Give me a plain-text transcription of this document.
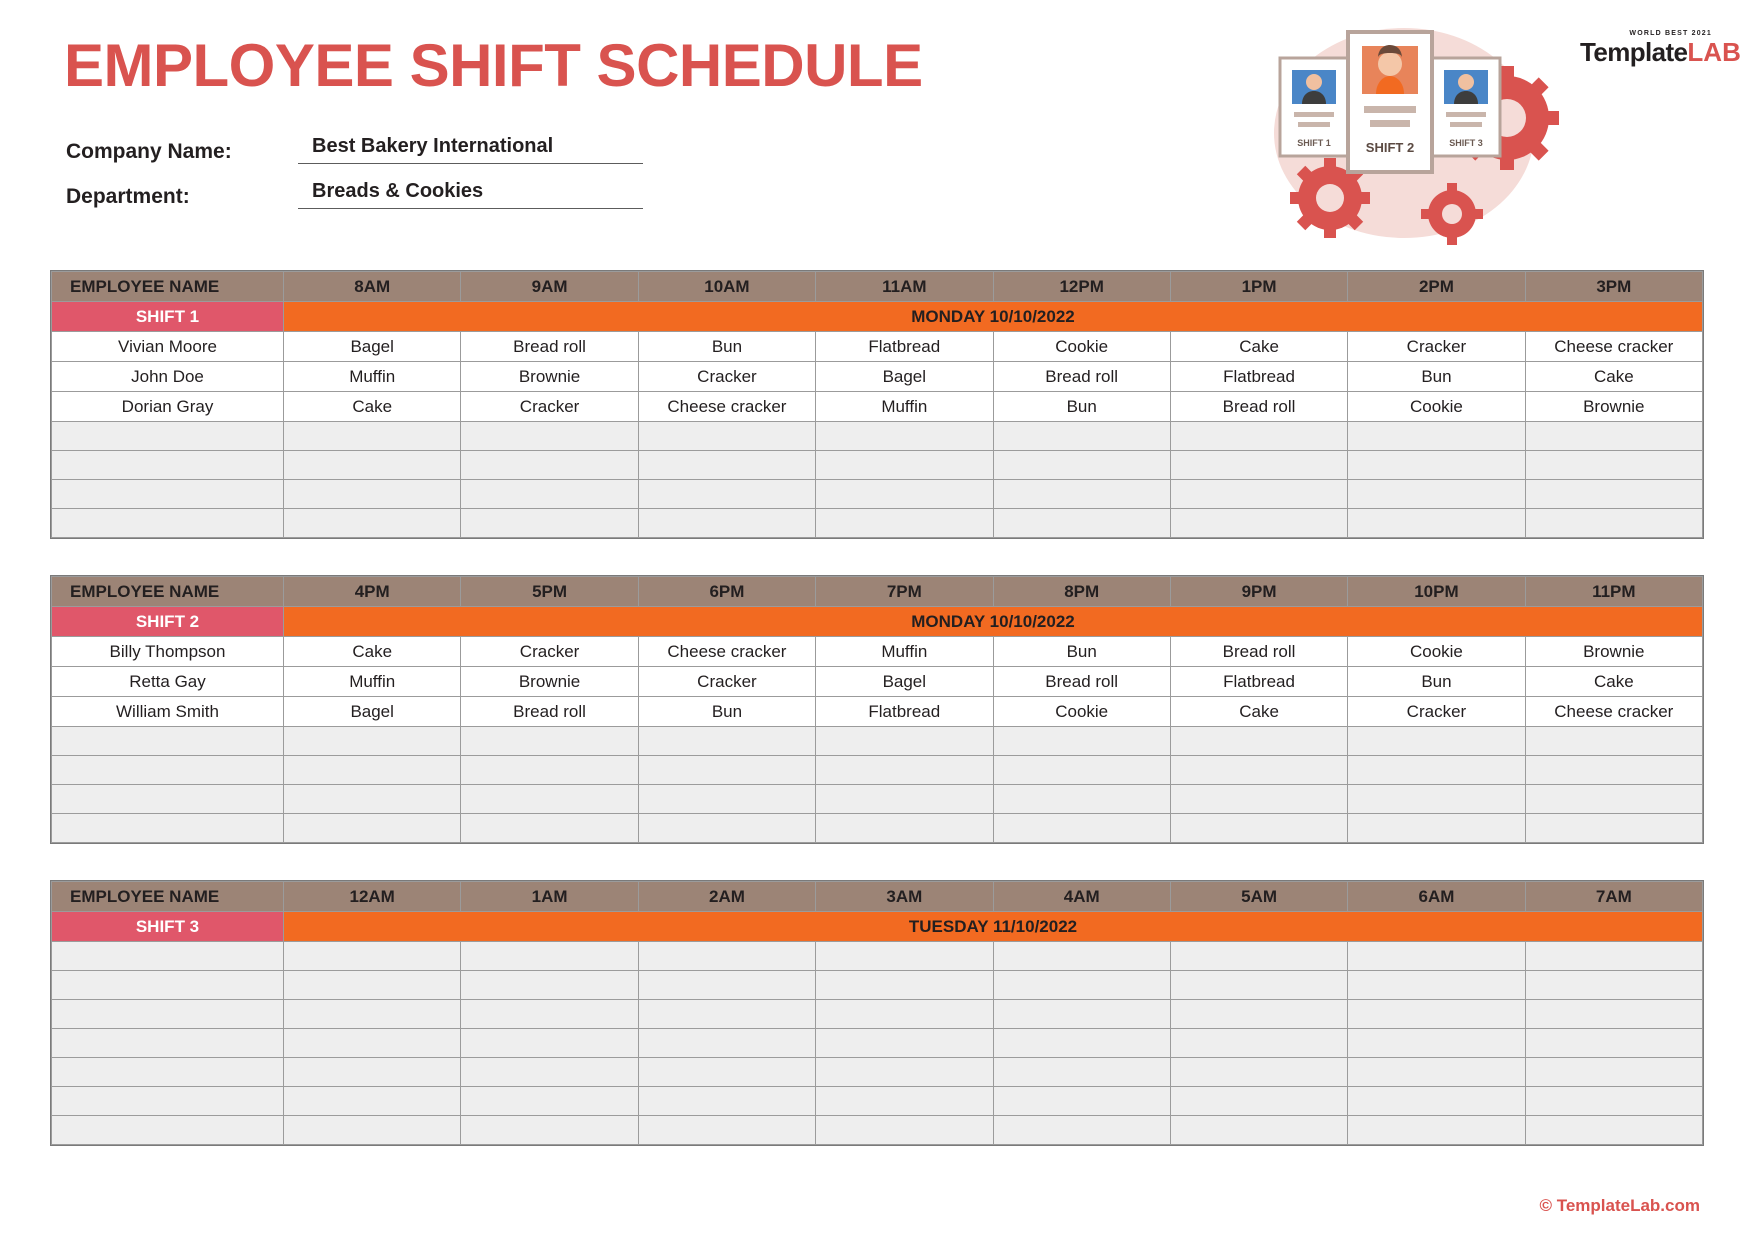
EMPLOYEE SHIFT SCHEDULE
Company Name:	Best Bakery International
Department:	Breads & Cookies
SHIFT 1	SHIFT 3
SHIFT 2
WORLD BEST 2021
TemplateLAB
EMPLOYEE NAME	8AM	9AM	10AM	11AM	12PM	1PM	2PM	3PM
SHIFT 1	MONDAY 10/10/2022							
Vivian Moore	Bagel	Bread roll	Bun	Flatbread	Cookie	Cake	Cracker	Cheese cracker
John Doe	Muffin	Brownie	Cracker	Bagel	Bread roll	Flatbread	Bun	Cake
Dorian Gray	Cake	Cracker	Cheese cracker	Muffin	Bun	Bread roll	Cookie	Brownie

EMPLOYEE NAME	4PM	5PM	6PM	7PM	8PM	9PM	10PM	11PM
SHIFT 2	MONDAY 10/10/2022							
Billy Thompson	Cake	Cracker	Cheese cracker	Muffin	Bun	Bread roll	Cookie	Brownie
Retta Gay	Muffin	Brownie	Cracker	Bagel	Bread roll	Flatbread	Bun	Cake
William Smith	Bagel	Bread roll	Bun	Flatbread	Cookie	Cake	Cracker	Cheese cracker

EMPLOYEE NAME	12AM	1AM	2AM	3AM	4AM	5AM	6AM	7AM
SHIFT 3	TUESDAY 11/10/2022							

© TemplateLab.com
